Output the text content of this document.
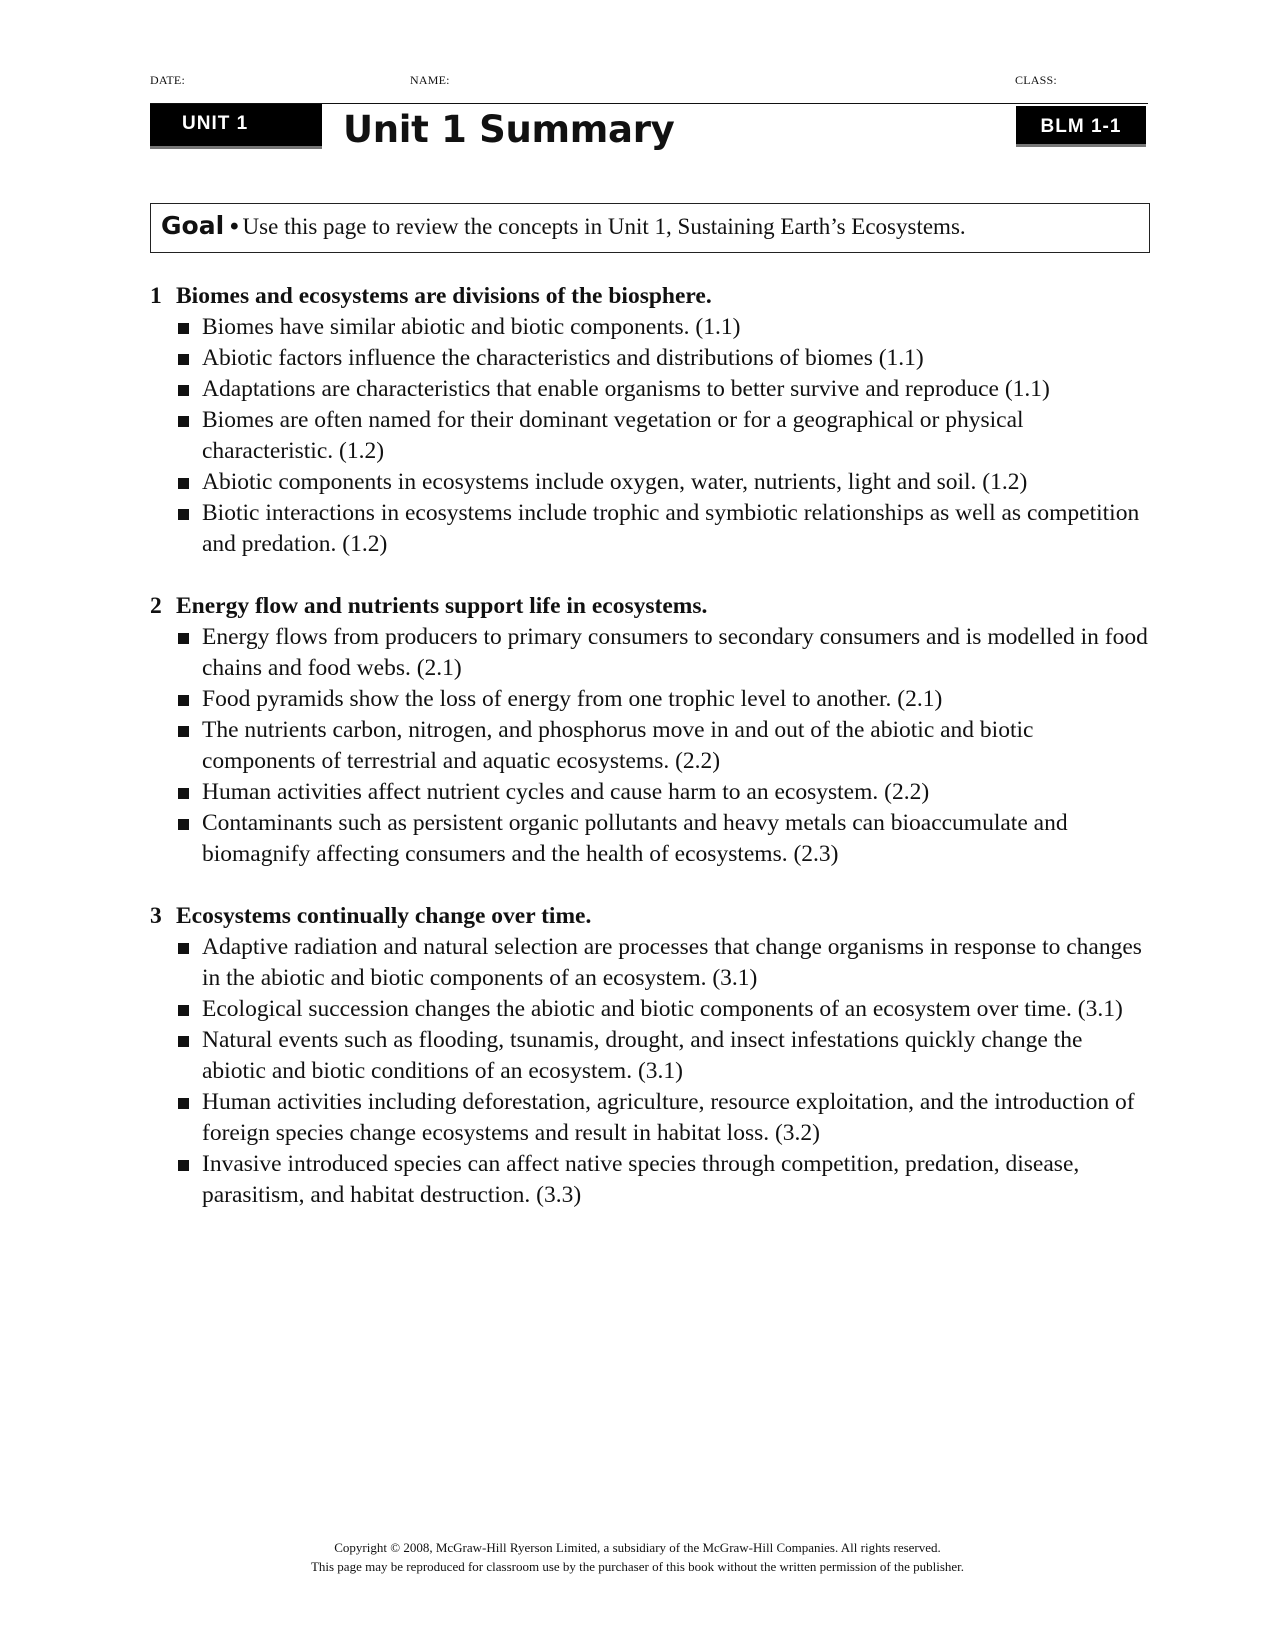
DATE:	NAME:	CLASS:
UNIT 1	Unit 1 Summary	BLM 1-1
Goal • Use this page to review the concepts in Unit 1, Sustaining Earth’s Ecosystems.
1 Biomes and ecosystems are divisions of the biosphere.
Biomes have similar abiotic and biotic components. (1.1)
Abiotic factors influence the characteristics and distributions of biomes (1.1)
Adaptations are characteristics that enable organisms to better survive and reproduce (1.1)
Biomes are often named for their dominant vegetation or for a geographical or physical characteristic. (1.2)
Abiotic components in ecosystems include oxygen, water, nutrients, light and soil. (1.2)
Biotic interactions in ecosystems include trophic and symbiotic relationships as well as competition and predation. (1.2)
2 Energy flow and nutrients support life in ecosystems.
Energy flows from producers to primary consumers to secondary consumers and is modelled in food chains and food webs. (2.1)
Food pyramids show the loss of energy from one trophic level to another. (2.1)
The nutrients carbon, nitrogen, and phosphorus move in and out of the abiotic and biotic components of terrestrial and aquatic ecosystems. (2.2)
Human activities affect nutrient cycles and cause harm to an ecosystem. (2.2)
Contaminants such as persistent organic pollutants and heavy metals can bioaccumulate and biomagnify affecting consumers and the health of ecosystems. (2.3)
3 Ecosystems continually change over time.
Adaptive radiation and natural selection are processes that change organisms in response to changes in the abiotic and biotic components of an ecosystem. (3.1)
Ecological succession changes the abiotic and biotic components of an ecosystem over time. (3.1)
Natural events such as flooding, tsunamis, drought, and insect infestations quickly change the abiotic and biotic conditions of an ecosystem. (3.1)
Human activities including deforestation, agriculture, resource exploitation, and the introduction of foreign species change ecosystems and result in habitat loss. (3.2)
Invasive introduced species can affect native species through competition, predation, disease, parasitism, and habitat destruction. (3.3)
Copyright © 2008, McGraw-Hill Ryerson Limited, a subsidiary of the McGraw-Hill Companies. All rights reserved.
This page may be reproduced for classroom use by the purchaser of this book without the written permission of the publisher.
